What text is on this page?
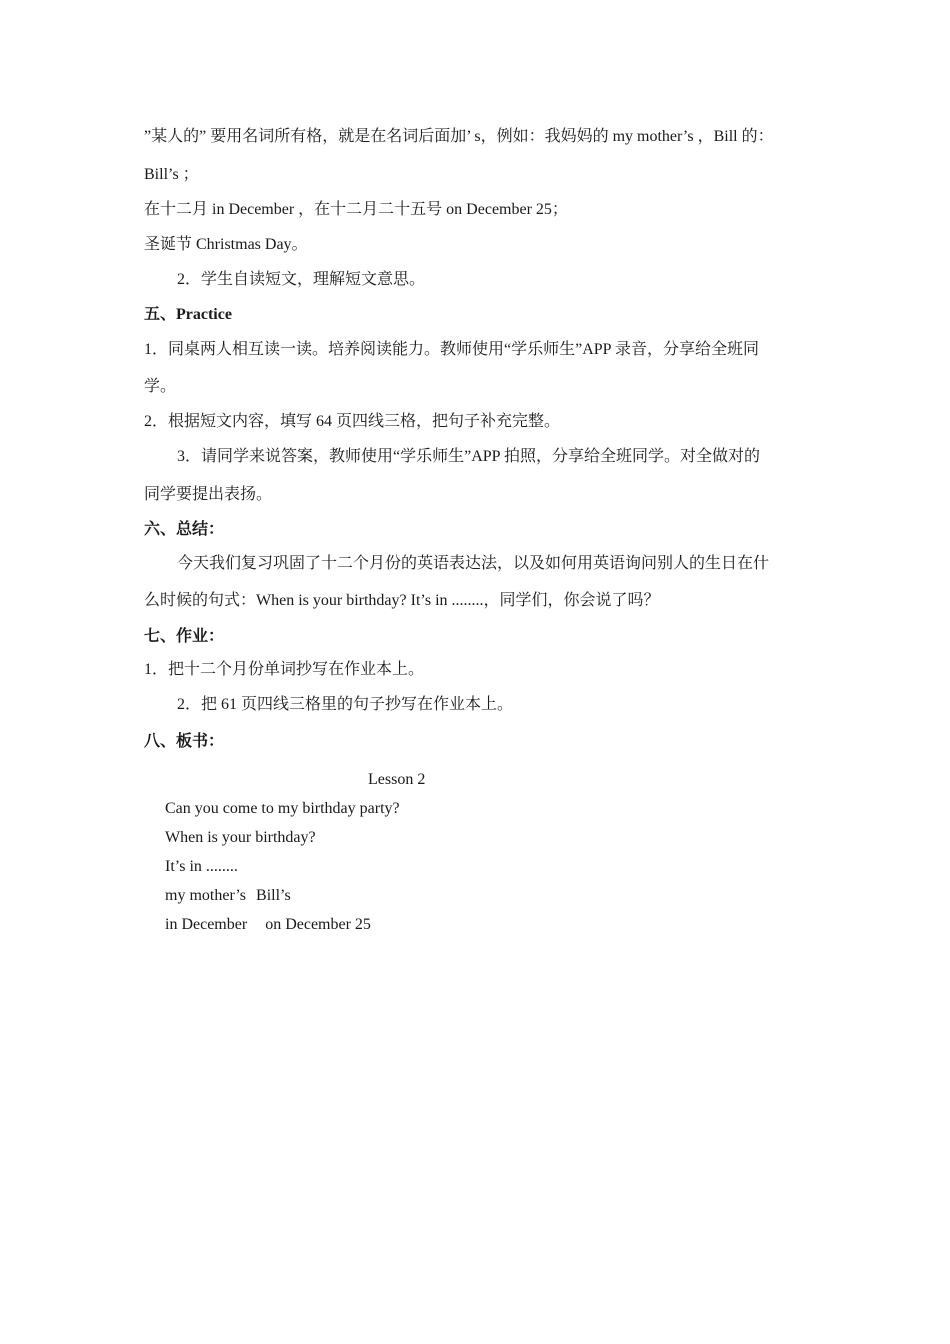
”某人的” 要用名词所有格，就是在名词后面加’ s，例如：我妈妈的 my mother’s ，Bill 的：
Bill’s ；
在十二月 in December ，在十二月二十五号 on December 25；
圣诞节 Christmas Day。
2．学生自读短文，理解短文意思。
五、Practice
1．同桌两人相互读一读。培养阅读能力。教师使用“学乐师生”APP 录音，分享给全班同
学。
2．根据短文内容，填写 64 页四线三格，把句子补充完整。
3．请同学来说答案，教师使用“学乐师生”APP 拍照，分享给全班同学。对全做对的
同学要提出表扬。
六、总结：
今天我们复习巩固了十二个月份的英语表达法，以及如何用英语询问别人的生日在什
么时候的句式：When is your birthday? It’s in ........，同学们，你会说了吗？
七、作业：
1．把十二个月份单词抄写在作业本上。
2．把 61 页四线三格里的句子抄写在作业本上。
八、板书：
Lesson 2
Can you come to my birthday party?
When is your birthday?
It’s in ........
my mother’s Bill’s
in December on December 25
